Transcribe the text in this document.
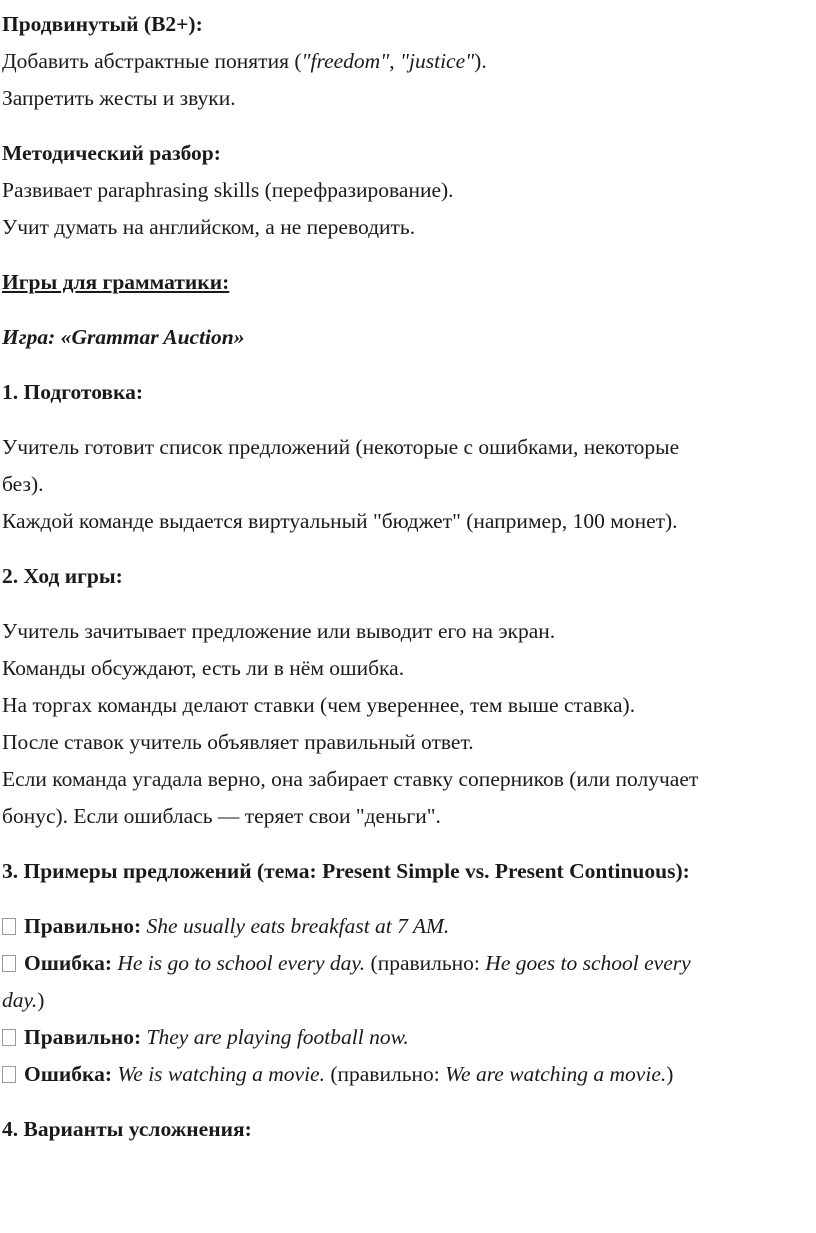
Продвинутый (B2+):

Добавить абстрактные понятия ("freedom", "justice").

Запретить жесты и звуки.

Методический разбор:

Развивает paraphrasing skills (перефразирование).

Учит думать на английском, а не переводить.

Игры для грамматики:

Игра: «Grammar Auction»

1. Подготовка:

Учитель готовит список предложений (некоторые с ошибками, некоторые

без).

Каждой команде выдается виртуальный "бюджет" (например, 100 монет).

2. Ход игры:

Учитель зачитывает предложение или выводит его на экран.

Команды обсуждают, есть ли в нём ошибка.

На торгах команды делают ставки (чем увереннее, тем выше ставка).

После ставок учитель объявляет правильный ответ.

Если команда угадала верно, она забирает ставку соперников (или получает

бонус). Если ошиблась — теряет свои "деньги".

3. Примеры предложений (тема: Present Simple vs. Present Continuous):

Правильно: She usually eats breakfast at 7 AM.

Ошибка: He is go to school every day. (правильно: He goes to school every

day.)

Правильно: They are playing football now.

Ошибка: We is watching a movie. (правильно: We are watching a movie.)

4. Варианты усложнения:
